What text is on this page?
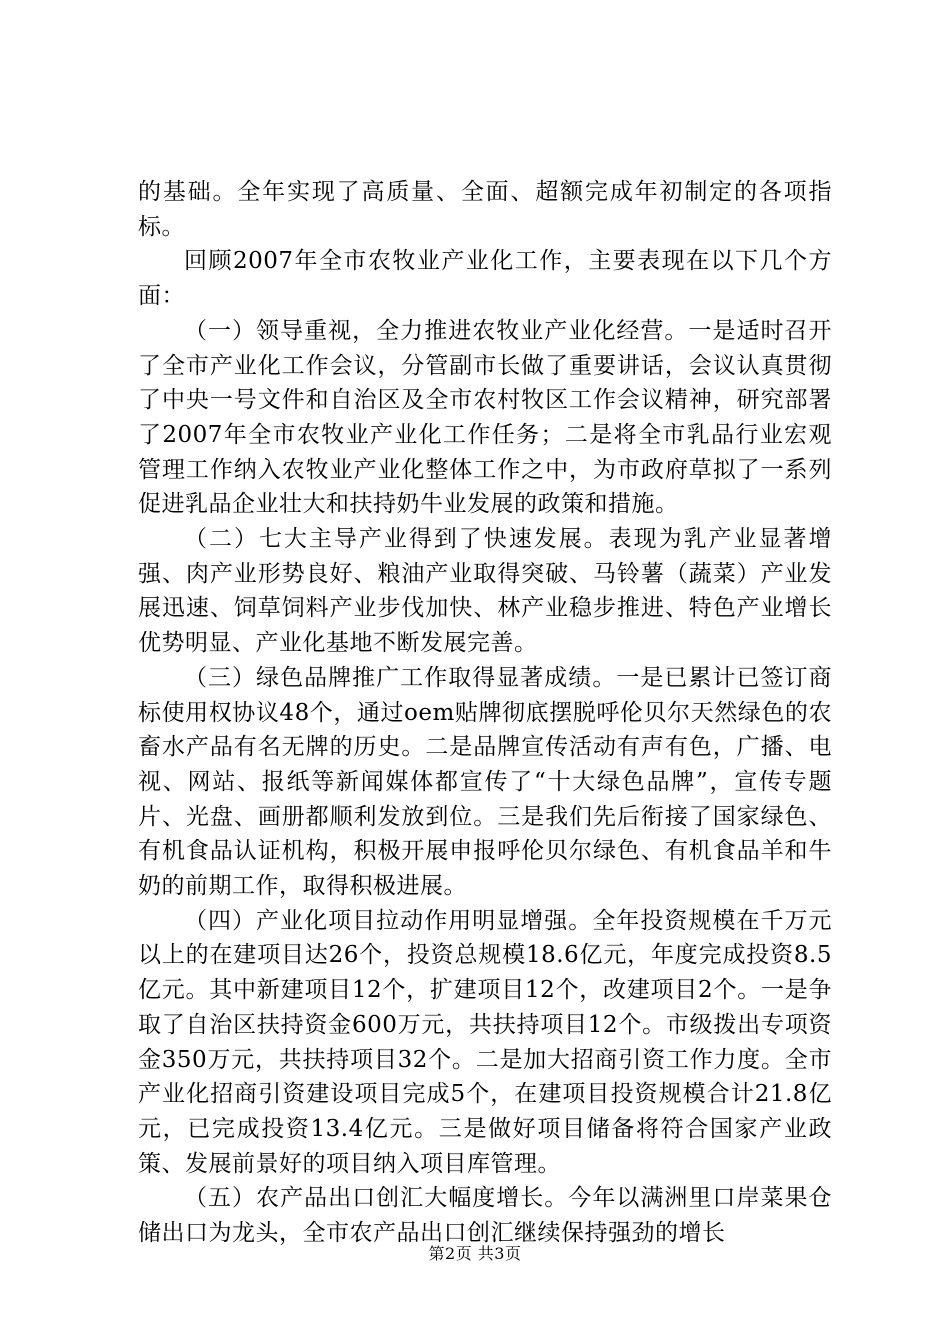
的基础。全年实现了高质量、全面、超额完成年初制定的各项指标。

回顾2007年全市农牧业产业化工作，主要表现在以下几个方面：

（一）领导重视，全力推进农牧业产业化经营。一是适时召开了全市产业化工作会议，分管副市长做了重要讲话，会议认真贯彻了中央一号文件和自治区及全市农村牧区工作会议精神，研究部署了2007年全市农牧业产业化工作任务；二是将全市乳品行业宏观管理工作纳入农牧业产业化整体工作之中，为市政府草拟了一系列促进乳品企业壮大和扶持奶牛业发展的政策和措施。

（二）七大主导产业得到了快速发展。表现为乳产业显著增强、肉产业形势良好、粮油产业取得突破、马铃薯（蔬菜）产业发展迅速、饲草饲料产业步伐加快、林产业稳步推进、特色产业增长优势明显、产业化基地不断发展完善。

（三）绿色品牌推广工作取得显著成绩。一是已累计已签订商标使用权协议48个，通过oem贴牌彻底摆脱呼伦贝尔天然绿色的农畜水产品有名无牌的历史。二是品牌宣传活动有声有色，广播、电视、网站、报纸等新闻媒体都宣传了“十大绿色品牌”，宣传专题片、光盘、画册都顺利发放到位。三是我们先后衔接了国家绿色、有机食品认证机构，积极开展申报呼伦贝尔绿色、有机食品羊和牛奶的前期工作，取得积极进展。

（四）产业化项目拉动作用明显增强。全年投资规模在千万元以上的在建项目达26个，投资总规模18.6亿元，年度完成投资8.5亿元。其中新建项目12个，扩建项目12个，改建项目2个。一是争取了自治区扶持资金600万元，共扶持项目12个。市级拨出专项资金350万元，共扶持项目32个。二是加大招商引资工作力度。全市产业化招商引资建设项目完成5个，在建项目投资规模合计21.8亿元，已完成投资13.4亿元。三是做好项目储备将符合国家产业政策、发展前景好的项目纳入项目库管理。

（五）农产品出口创汇大幅度增长。今年以满洲里口岸菜果仓储出口为龙头，全市农产品出口创汇继续保持强劲的增长

第2页 共3页
